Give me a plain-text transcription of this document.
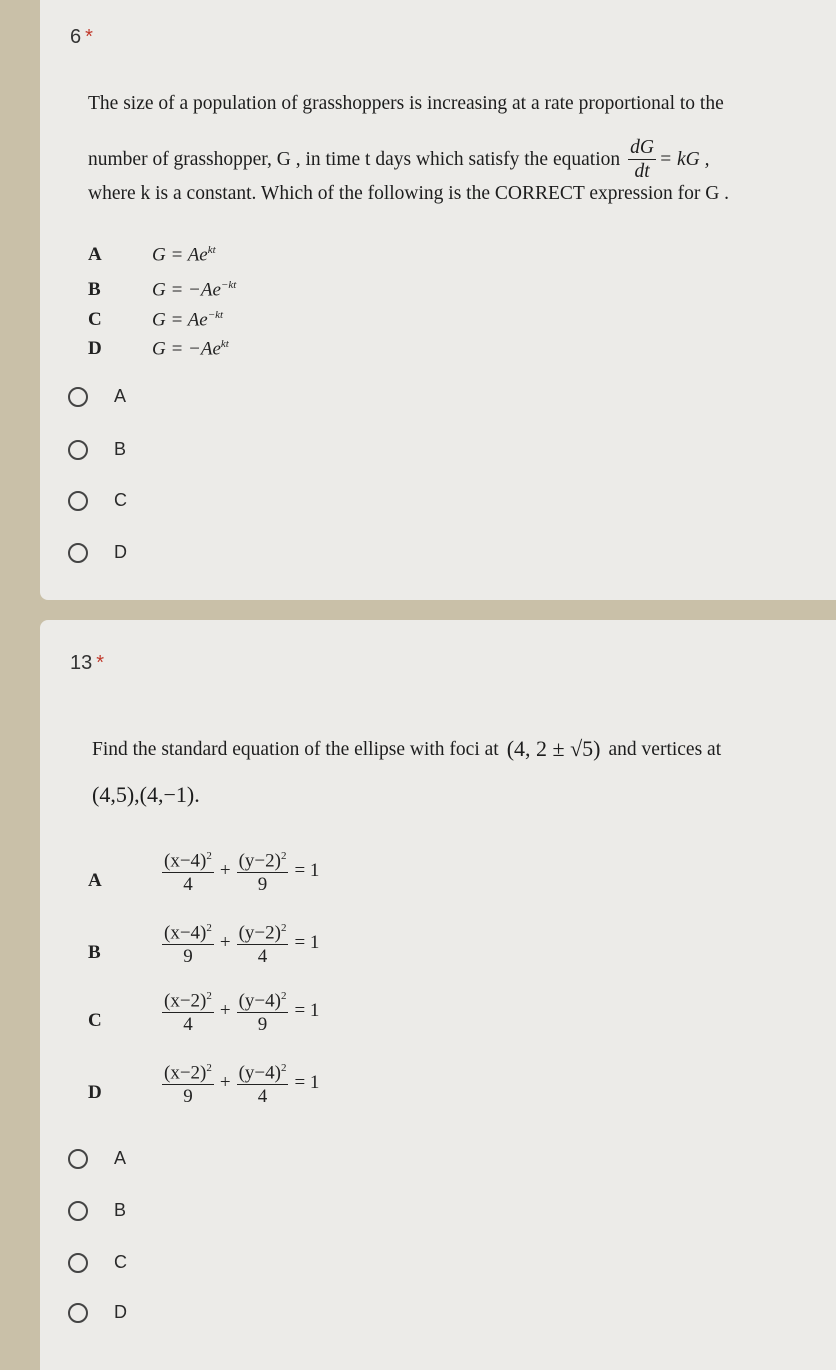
6 *
The size of a population of grasshoppers is increasing at a rate proportional to the
number of grasshopper, G , in time t days which satisfy the equation $\frac{dG}{dt}$ = kG ,
where k is a constant. Which of the following is the CORRECT expression for G .
A	$G = Ae^{kt}$
B	$G = -Ae^{-kt}$
C	$G = Ae^{-kt}$
D	$G = -Ae^{kt}$
A
B
C
D
13 *
Find the standard equation of the ellipse with foci at (4, 2 ± √5) and vertices at
(4,5),(4,−1).
A	$\frac{(x-4)^2}{4} + \frac{(y-2)^2}{9} = 1$
B	$\frac{(x-4)^2}{9} + \frac{(y-2)^2}{4} = 1$
C	$\frac{(x-2)^2}{4} + \frac{(y-4)^2}{9} = 1$
D	$\frac{(x-2)^2}{9} + \frac{(y-4)^2}{4} = 1$
A
B
C
D
